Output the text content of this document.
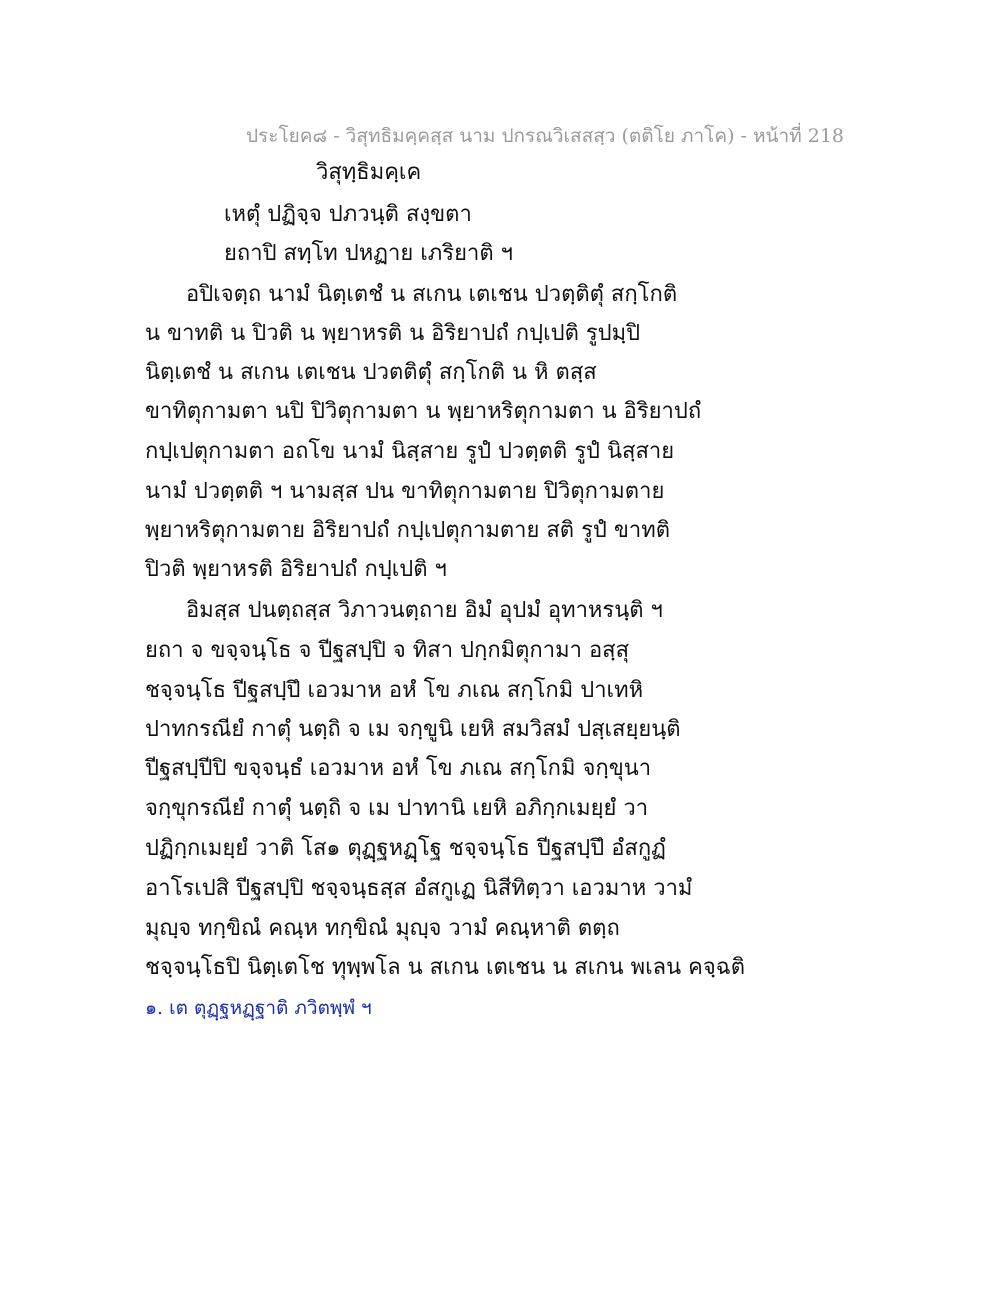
ประโยค๘ - วิสุทธิมคฺคสฺส นาม ปกรณวิเสสสฺว (ตติโย ภาโค) - หน้าที่ 218
วิสุทฺธิมคฺเค
เหตุํ ปฏิจฺจ ปภวนฺติ สงฺขตา
ยถาปิ สทฺโท ปหฏาย เภริยาติ ฯ
อปิเจตฺถ นามํ นิตฺเตชํ น สเกน เตเชน ปวตฺติตุํ สกฺโกติ
น ขาทติ น ปิวติ น พฺยาหรติ น อิริยาปถํ กปฺเปติ รูปมฺปิ
นิตฺเตชํ น สเกน เตเชน ปวตติตุํ สกฺโกติ น หิ ตสฺส
ขาทิตุกามตา นปิ ปิวิตุกามตา น พฺยาหริตุกามตา น อิริยาปถํ
กปฺเปตุกามตา อถโข นามํ นิสฺสาย รูปํ ปวตฺตติ รูปํ นิสฺสาย
นามํ ปวตฺตติ ฯ นามสฺส ปน ขาทิตุกามตาย ปิวิตุกามตาย
พฺยาหริตุกามตาย อิริยาปถํ กปฺเปตุกามตาย สติ รูปํ ขาทติ
ปิวติ พฺยาหรติ อิริยาปถํ กปฺเปติ ฯ
อิมสฺส ปนตฺถสฺส วิภาวนตฺถาย อิมํ อุปมํ อุทาหรนฺติ ฯ
ยถา จ ขจฺจนฺโธ จ ปีฐสปฺปิ จ ทิสา ปกฺกมิตุกามา อสฺสุ
ชจฺจนฺโธ ปีฐสปฺปึ เอวมาห อหํ โข ภเณ สกฺโกมิ ปาเทหิ
ปาทกรณียํ กาตุํ นตฺถิ จ เม จกฺขูนิ เยหิ สมวิสมํ ปสฺเสยฺยนฺติ
ปีฐสปฺปีปิ ขจฺจนฺธํ เอวมาห อหํ โข ภเณ สกฺโกมิ จกฺขุนา
จกฺขุกรณียํ กาตุํ นตฺถิ จ เม ปาทานิ เยหิ อภิกฺกเมยฺยํ วา
ปฏิกฺกเมยฺยํ วาติ โส๑ ตุฏฺฐหฏฺโฐ ชจฺจนฺโธ ปีฐสปฺปึ อํสกูฏํ
อาโรเปสิ ปีฐสปฺปิ ชจฺจนฺธสฺส อํสกูเฏ นิสีทิตฺวา เอวมาห วามํ
มุญฺจ ทกฺขิณํ คณฺห ทกฺขิณํ มุญฺจ วามํ คณฺหาติ ตตฺถ
ชจฺจนฺโธปิ นิตฺเตโช ทุพฺพโล น สเกน เตเชน น สเกน พเลน คจฺฉติ
๑. เต ตุฏฺฐหฏฺฐาติ ภวิตพฺพํ ฯ
